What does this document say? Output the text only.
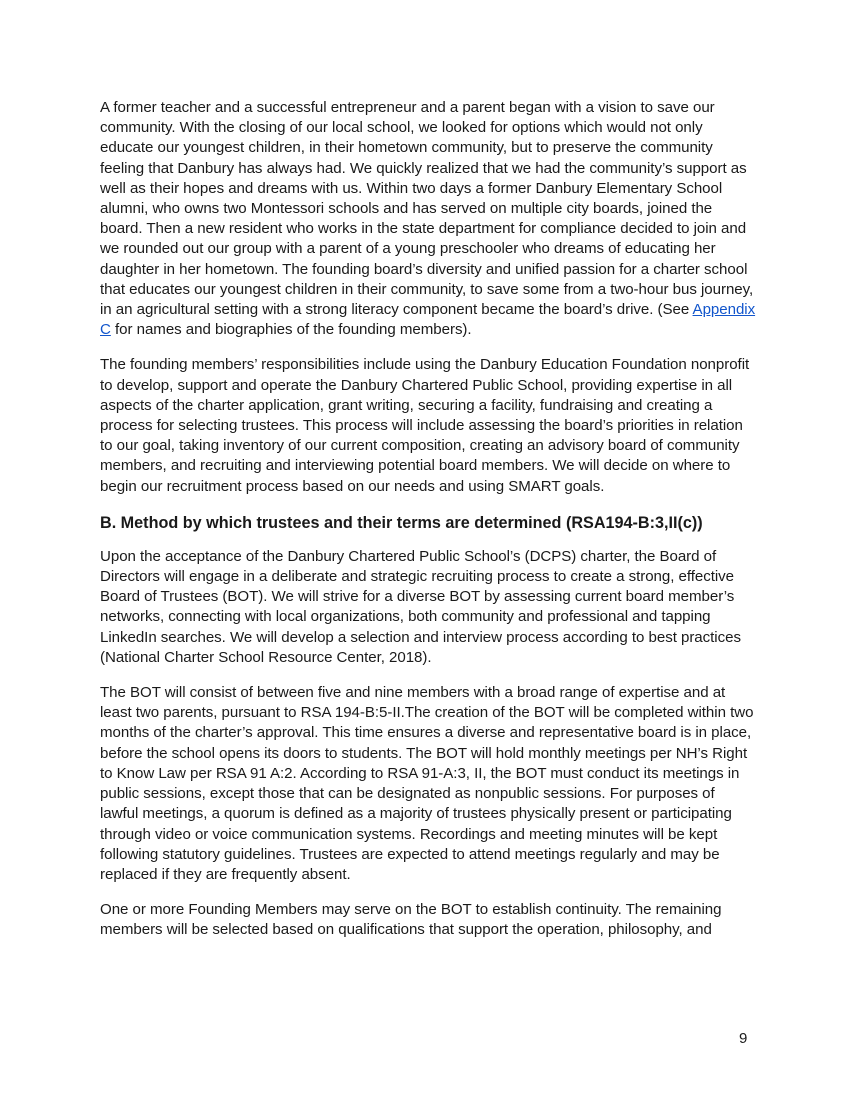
A former teacher and a successful entrepreneur and a parent began with a vision to save our community. With the closing of our local school, we looked for options which would not only educate our youngest children, in their hometown community, but to preserve the community feeling that Danbury has always had. We quickly realized that we had the community’s support as well as their hopes and dreams with us. Within two days a former Danbury Elementary School alumni, who owns two Montessori schools and has served on multiple city boards, joined the board. Then a new resident who works in the state department for compliance decided to join and we rounded out our group with a parent of a young preschooler who dreams of educating her daughter in her hometown. The founding board’s diversity and unified passion for a charter school that educates our youngest children in their community, to save some from a two-hour bus journey, in an agricultural setting with a strong literacy component became the board’s drive. (See Appendix C for names and biographies of the founding members).

The founding members’ responsibilities include using the Danbury Education Foundation nonprofit to develop, support and operate the Danbury Chartered Public School, providing expertise in all aspects of the charter application, grant writing, securing a facility, fundraising and creating a process for selecting trustees. This process will include assessing the board’s priorities in relation to our goal, taking inventory of our current composition, creating an advisory board of community members, and recruiting and interviewing potential board members. We will decide on where to begin our recruitment process based on our needs and using SMART goals.

B. Method by which trustees and their terms are determined (RSA194-B:3,II(c))

Upon the acceptance of the Danbury Chartered Public School’s (DCPS) charter, the Board of Directors will engage in a deliberate and strategic recruiting process to create a strong, effective Board of Trustees (BOT). We will strive for a diverse BOT by assessing current board member’s networks, connecting with local organizations, both community and professional and tapping LinkedIn searches. We will develop a selection and interview process according to best practices (National Charter School Resource Center, 2018).

The BOT will consist of between five and nine members with a broad range of expertise and at least two parents, pursuant to RSA 194-B:5-II.The creation of the BOT will be completed within two months of the charter’s approval. This time ensures a diverse and representative board is in place, before the school opens its doors to students. The BOT will hold monthly meetings per NH’s Right to Know Law per RSA 91 A:2. According to RSA 91-A:3, II, the BOT must conduct its meetings in public sessions, except those that can be designated as nonpublic sessions. For purposes of lawful meetings, a quorum is defined as a majority of trustees physically present or participating through video or voice communication systems. Recordings and meeting minutes will be kept following statutory guidelines. Trustees are expected to attend meetings regularly and may be replaced if they are frequently absent.

One or more Founding Members may serve on the BOT to establish continuity. The remaining members will be selected based on qualifications that support the operation, philosophy, and

9
